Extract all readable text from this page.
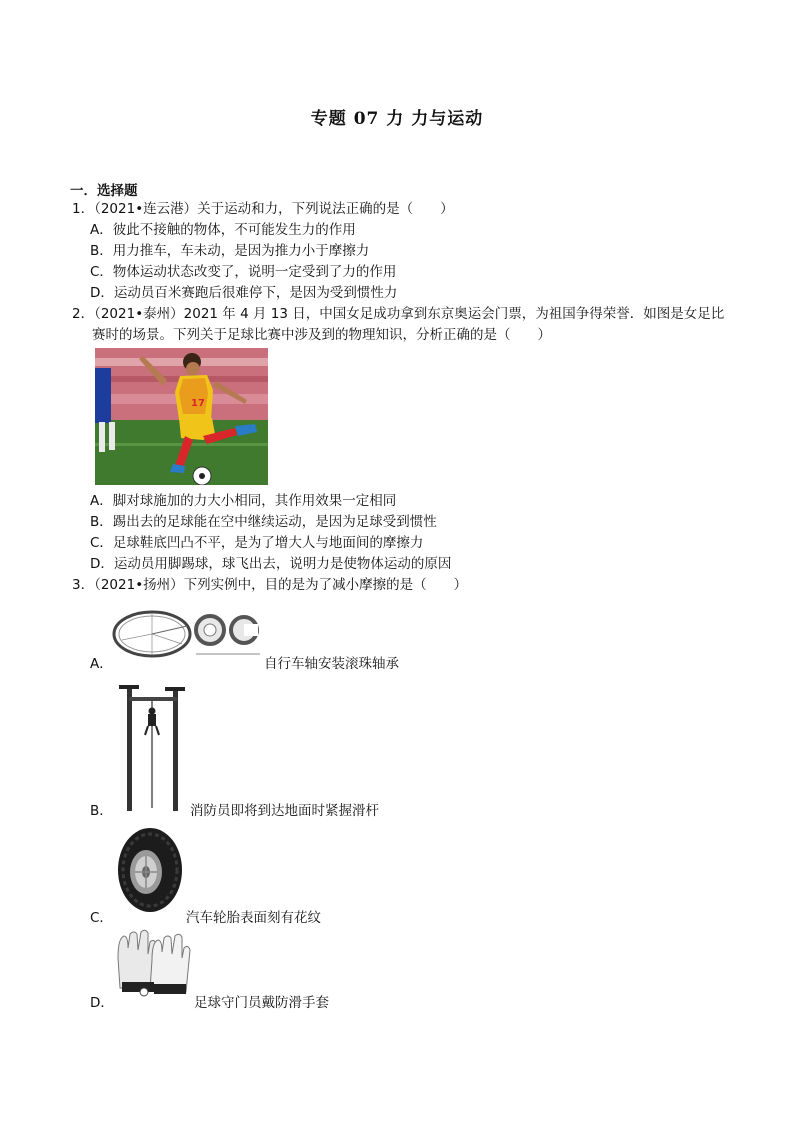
专题 07 力 力与运动
一．选择题
1．（2021•连云港）关于运动和力，下列说法正确的是（　　）
A．彼此不接触的物体，不可能发生力的作用
B．用力推车，车未动，是因为推力小于摩擦力
C．物体运动状态改变了，说明一定受到了力的作用
D．运动员百米赛跑后很难停下，是因为受到惯性力
2．（2021•泰州）2021 年 4 月 13 日，中国女足成功拿到东京奥运会门票，为祖国争得荣誉．如图是女足比
赛时的场景。下列关于足球比赛中涉及到的物理知识，分析正确的是（　　）
17
A．脚对球施加的力大小相同，其作用效果一定相同
B．踢出去的足球能在空中继续运动，是因为足球受到惯性
C．足球鞋底凹凸不平，是为了增大人与地面间的摩擦力
D．运动员用脚踢球，球飞出去，说明力是使物体运动的原因
3．（2021•扬州）下列实例中，目的是为了减小摩擦的是（　　）
A．	自行车轴安装滚珠轴承
B．	消防员即将到达地面时紧握滑杆
C．	汽车轮胎表面刻有花纹
D．	足球守门员戴防滑手套
